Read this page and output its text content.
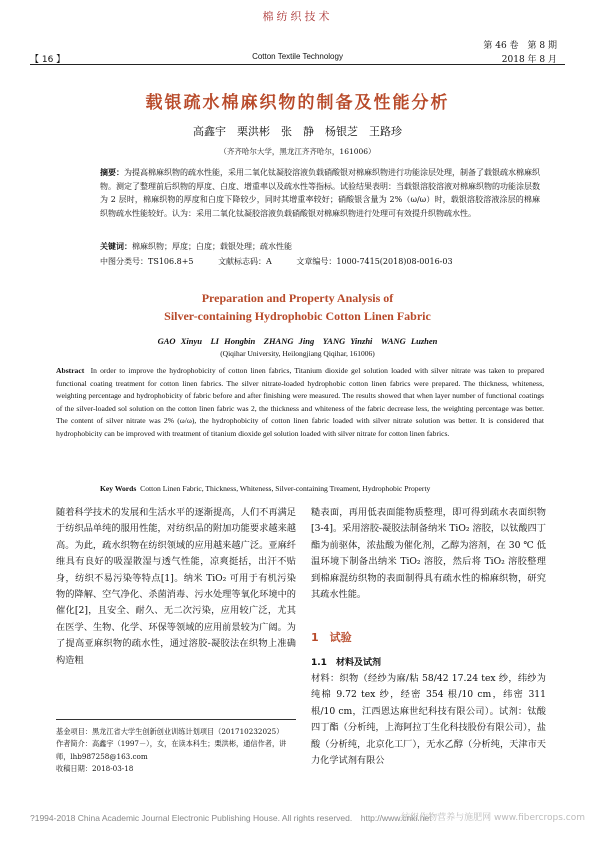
棉纺织技术
第 46 卷　第 8 期
【 16 】	Cotton Textile Technology	2018 年 8 月
载银疏水棉麻织物的制备及性能分析
高鑫宇　栗洪彬　张　静　杨银芝　王路珍
（齐齐哈尔大学，黑龙江齐齐哈尔，161006）
摘要：为提高棉麻织物的疏水性能，采用二氧化钛凝胶溶液负载硝酸银对棉麻织物进行功能涂层处理，制备了载银疏水棉麻织物。测定了整理前后织物的厚度、白度、增重率以及疏水性等指标。试验结果表明：当载银溶胶溶液对棉麻织物的功能涂层数为 2 层时，棉麻织物的厚度和白度下降较少，同时其增重率较好；硝酸银含量为 2%（ω/ω）时，载银溶胶溶液涂层的棉麻织物疏水性能较好。认为：采用二氧化钛凝胶溶液负载硝酸银对棉麻织物进行处理可有效提升织物疏水性。
关键词：棉麻织物；厚度；白度；载银处理；疏水性能
中图分类号：TS106.8+5	文献标志码：A	文章编号：1000-7415(2018)08-0016-03
Preparation and Property Analysis of
Silver-containing Hydrophobic Cotton Linen Fabric
GAO Xinyu　LI Hongbin　ZHANG Jing　YANG Yinzhi　WANG Luzhen
(Qiqihar University, Heilongjiang Qiqihar, 161006)
Abstract In order to improve the hydrophobicity of cotton linen fabrics, Titanium dioxide gel solution loaded with silver nitrate was taken to prepared functional coating treatment for cotton linen fabrics. The silver nitrate-loaded hydrophobic cotton linen fabrics were prepared. The thickness, whiteness, weighting percentage and hydrophobicity of fabric before and after finishing were measured. The results showed that when layer number of functional coatings of the silver-loaded sol solution on the cotton linen fabric was 2, the thickness and whiteness of the fabric decrease less, the weighting percentage was better. The content of silver nitrate was 2% (ω/ω), the hydrophobicity of cotton linen fabric loaded with silver nitrate solution was better. It is considered that hydrophobicity can be improved with treatment of titanium dioxide gel solution loaded with silver nitrate for cotton linen fabrics.
Key Words Cotton Linen Fabric, Thickness, Whiteness, Silver-containing Treament, Hydrophobic Property
随着科学技术的发展和生活水平的逐渐提高，人们不再满足于纺织品单纯的服用性能，对纺织品的附加功能要求越来越高。为此，疏水织物在纺织领域的应用越来越广泛。亚麻纤维具有良好的吸湿散湿与透气性能，凉爽挺括，出汗不贴身，纺织不易污染等特点[1]。纳米 TiO₂ 可用于有机污染物的降解、空气净化、杀菌消毒、污水处理等氧化环境中的催化[2]，且安全、耐久、无二次污染，应用较广泛，尤其在医学、生物、化学、环保等领域的应用前景较为广阔。为了提高亚麻织物的疏水性，通过溶胶-凝胶法在织物上准确构造粗
糙表面，再用低表面能物质整理，即可得到疏水表面织物[3-4]。采用溶胶-凝胶法制备纳米 TiO₂ 溶胶，以钛酸四丁酯为前驱体，浓盐酸为催化剂，乙醇为溶剂，在 30 ℃ 低温环境下制备出纳米 TiO₂ 溶胶，然后将 TiO₂ 溶胶整理到棉麻混纺织物的表面制得具有疏水性的棉麻织物，研究其疏水性能。
1　试验
1.1　材料及试剂
材料：织物（经纱为麻/粘 58/42 17.24 tex 纱，纬纱为纯棉 9.72 tex 纱，经密 354 根/10 cm，纬密 311 根/10 cm，江西恩达麻世纪科技有限公司）。试剂：钛酸四丁酯（分析纯，上海阿拉丁生化科技股份有限公司），盐酸（分析纯，北京化工厂），无水乙醇（分析纯，天津市天力化学试剂有限公
基金项目：黑龙江省大学生创新创业训练计划项目（201710232025）
作者简介：高鑫宇（1997－），女，在读本科生；栗洪彬，通信作者，讲师，lhb987258@163.com
收稿日期：2018-03-18
?1994-2018 China Academic Journal Electronic Publishing House. All rights reserved.　http://www.cnki.net
纺织作物营养与施肥网 www.fibercrops.com
